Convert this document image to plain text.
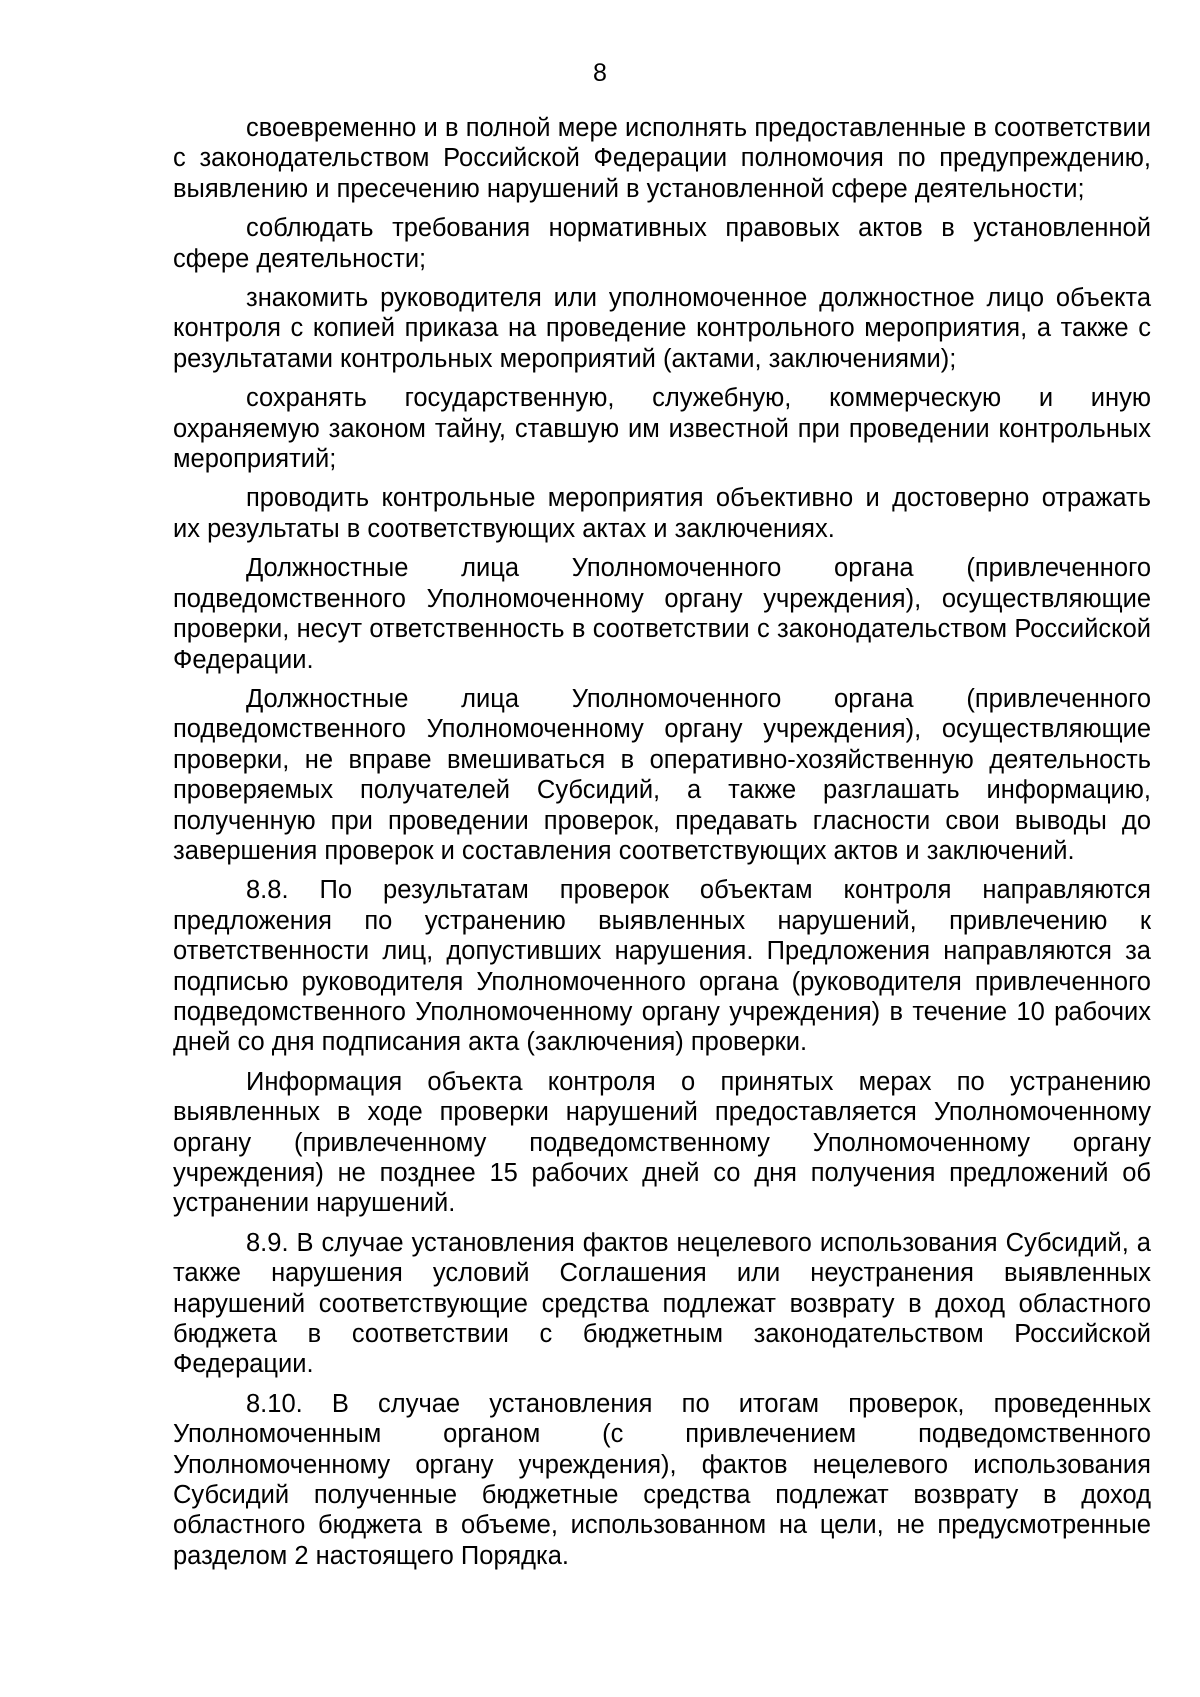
8

своевременно и в полной мере исполнять предоставленные в соответствии с законодательством Российской Федерации полномочия по предупреждению, выявлению и пресечению нарушений в установленной сфере деятельности;

соблюдать требования нормативных правовых актов в установленной сфере деятельности;

знакомить руководителя или уполномоченное должностное лицо объекта контроля с копией приказа на проведение контрольного мероприятия, а также с результатами контрольных мероприятий (актами, заключениями);

сохранять государственную, служебную, коммерческую и иную охраняемую законом тайну, ставшую им известной при проведении контрольных мероприятий;

проводить контрольные мероприятия объективно и достоверно отражать их результаты в соответствующих актах и заключениях.

Должностные лица Уполномоченного органа (привлеченного подведомственного Уполномоченному органу учреждения), осуществляющие проверки, несут ответственность в соответствии с законодательством Российской Федерации.

Должностные лица Уполномоченного органа (привлеченного подведомственного Уполномоченному органу учреждения), осуществляющие проверки, не вправе вмешиваться в оперативно-хозяйственную деятельность проверяемых получателей Субсидий, а также разглашать информацию, полученную при проведении проверок, предавать гласности свои выводы до завершения проверок и составления соответствующих актов и заключений.

8.8. По результатам проверок объектам контроля направляются предложения по устранению выявленных нарушений, привлечению к ответственности лиц, допустивших нарушения. Предложения направляются за подписью руководителя Уполномоченного органа (руководителя привлеченного подведомственного Уполномоченному органу учреждения) в течение 10 рабочих дней со дня подписания акта (заключения) проверки.

Информация объекта контроля о принятых мерах по устранению выявленных в ходе проверки нарушений предоставляется Уполномоченному органу (привлеченному подведомственному Уполномоченному органу учреждения) не позднее 15 рабочих дней со дня получения предложений об устранении нарушений.

8.9. В случае установления фактов нецелевого использования Субсидий, а также нарушения условий Соглашения или неустранения выявленных нарушений соответствующие средства подлежат возврату в доход областного бюджета в соответствии с бюджетным законодательством Российской Федерации.

8.10. В случае установления по итогам проверок, проведенных Уполномоченным органом (с привлечением подведомственного Уполномоченному органу учреждения), фактов нецелевого использования Субсидий полученные бюджетные средства подлежат возврату в доход областного бюджета в объеме, использованном на цели, не предусмотренные разделом 2 настоящего Порядка.
